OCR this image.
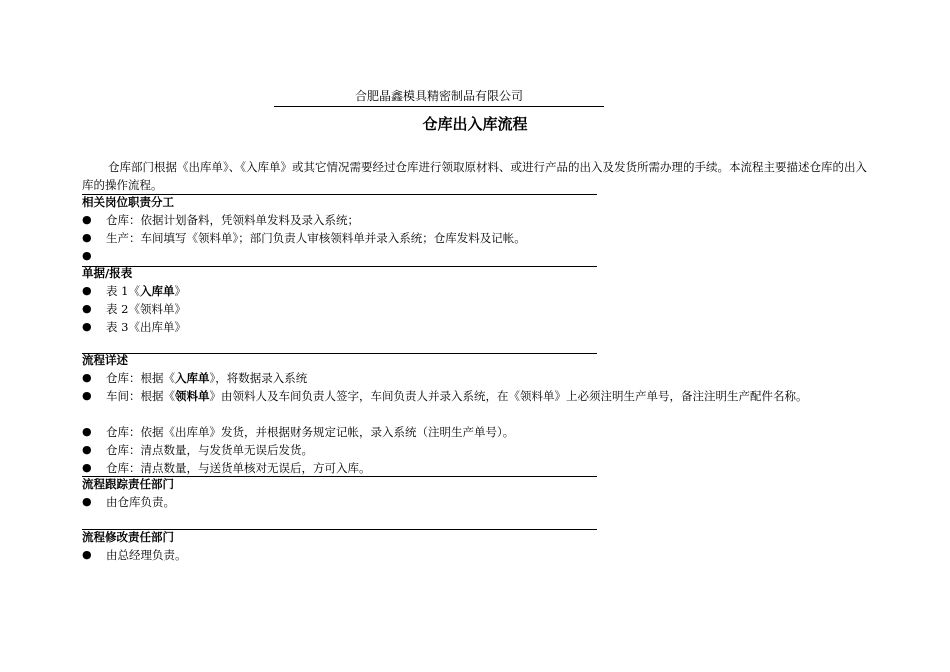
合肥晶鑫模具精密制品有限公司
仓库出入库流程
仓库部门根据《出库单》、《入库单》或其它情况需要经过仓库进行领取原材料、或进行产品的出入及发货所需办理的手续。本流程主要描述仓库的出入库的操作流程。
相关岗位职责分工
●	仓库：依据计划备料，凭领料单发料及录入系统；
●	生产：车间填写《领料单》；部门负责人审核领料单并录入系统；仓库发料及记帐。
●
单据/报表
●	表 1《入库单》
●	表 2《领料单》
●	表 3《出库单》
流程详述
●	仓库：根据《入库单》，将数据录入系统
●	车间：根据《领料单》由领料人及车间负责人签字，车间负责人并录入系统，在《领料单》上必须注明生产单号，备注注明生产配件名称。
●	仓库：依据《出库单》发货，并根据财务规定记帐，录入系统（注明生产单号）。
●	仓库：清点数量，与发货单无误后发货。
●	仓库：清点数量，与送货单核对无误后，方可入库。
流程跟踪责任部门
●	由仓库负责。
流程修改责任部门
●	由总经理负责。
